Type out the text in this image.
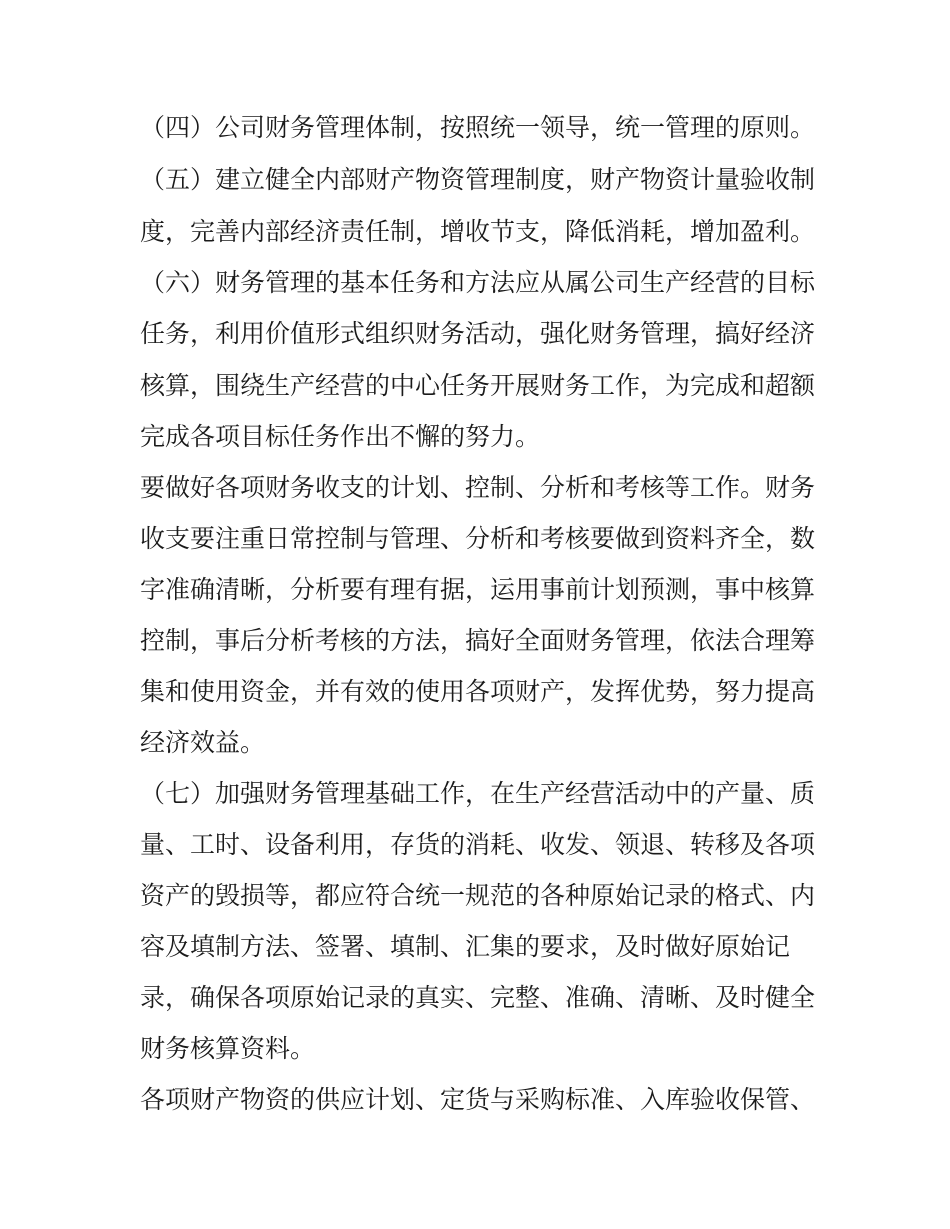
（四）公司财务管理体制，按照统一领导，统一管理的原则。
（五）建立健全内部财产物资管理制度，财产物资计量验收制
度，完善内部经济责任制，增收节支，降低消耗，增加盈利。
（六）财务管理的基本任务和方法应从属公司生产经营的目标
任务，利用价值形式组织财务活动，强化财务管理，搞好经济
核算，围绕生产经营的中心任务开展财务工作，为完成和超额
完成各项目标任务作出不懈的努力。
要做好各项财务收支的计划、控制、分析和考核等工作。财务
收支要注重日常控制与管理、分析和考核要做到资料齐全，数
字准确清晰，分析要有理有据，运用事前计划预测，事中核算
控制，事后分析考核的方法，搞好全面财务管理，依法合理筹
集和使用资金，并有效的使用各项财产，发挥优势，努力提高
经济效益。
（七）加强财务管理基础工作，在生产经营活动中的产量、质
量、工时、设备利用，存货的消耗、收发、领退、转移及各项
资产的毁损等，都应符合统一规范的各种原始记录的格式、内
容及填制方法、签署、填制、汇集的要求，及时做好原始记
录，确保各项原始记录的真实、完整、准确、清晰、及时健全
财务核算资料。
各项财产物资的供应计划、定货与采购标准、入库验收保管、
